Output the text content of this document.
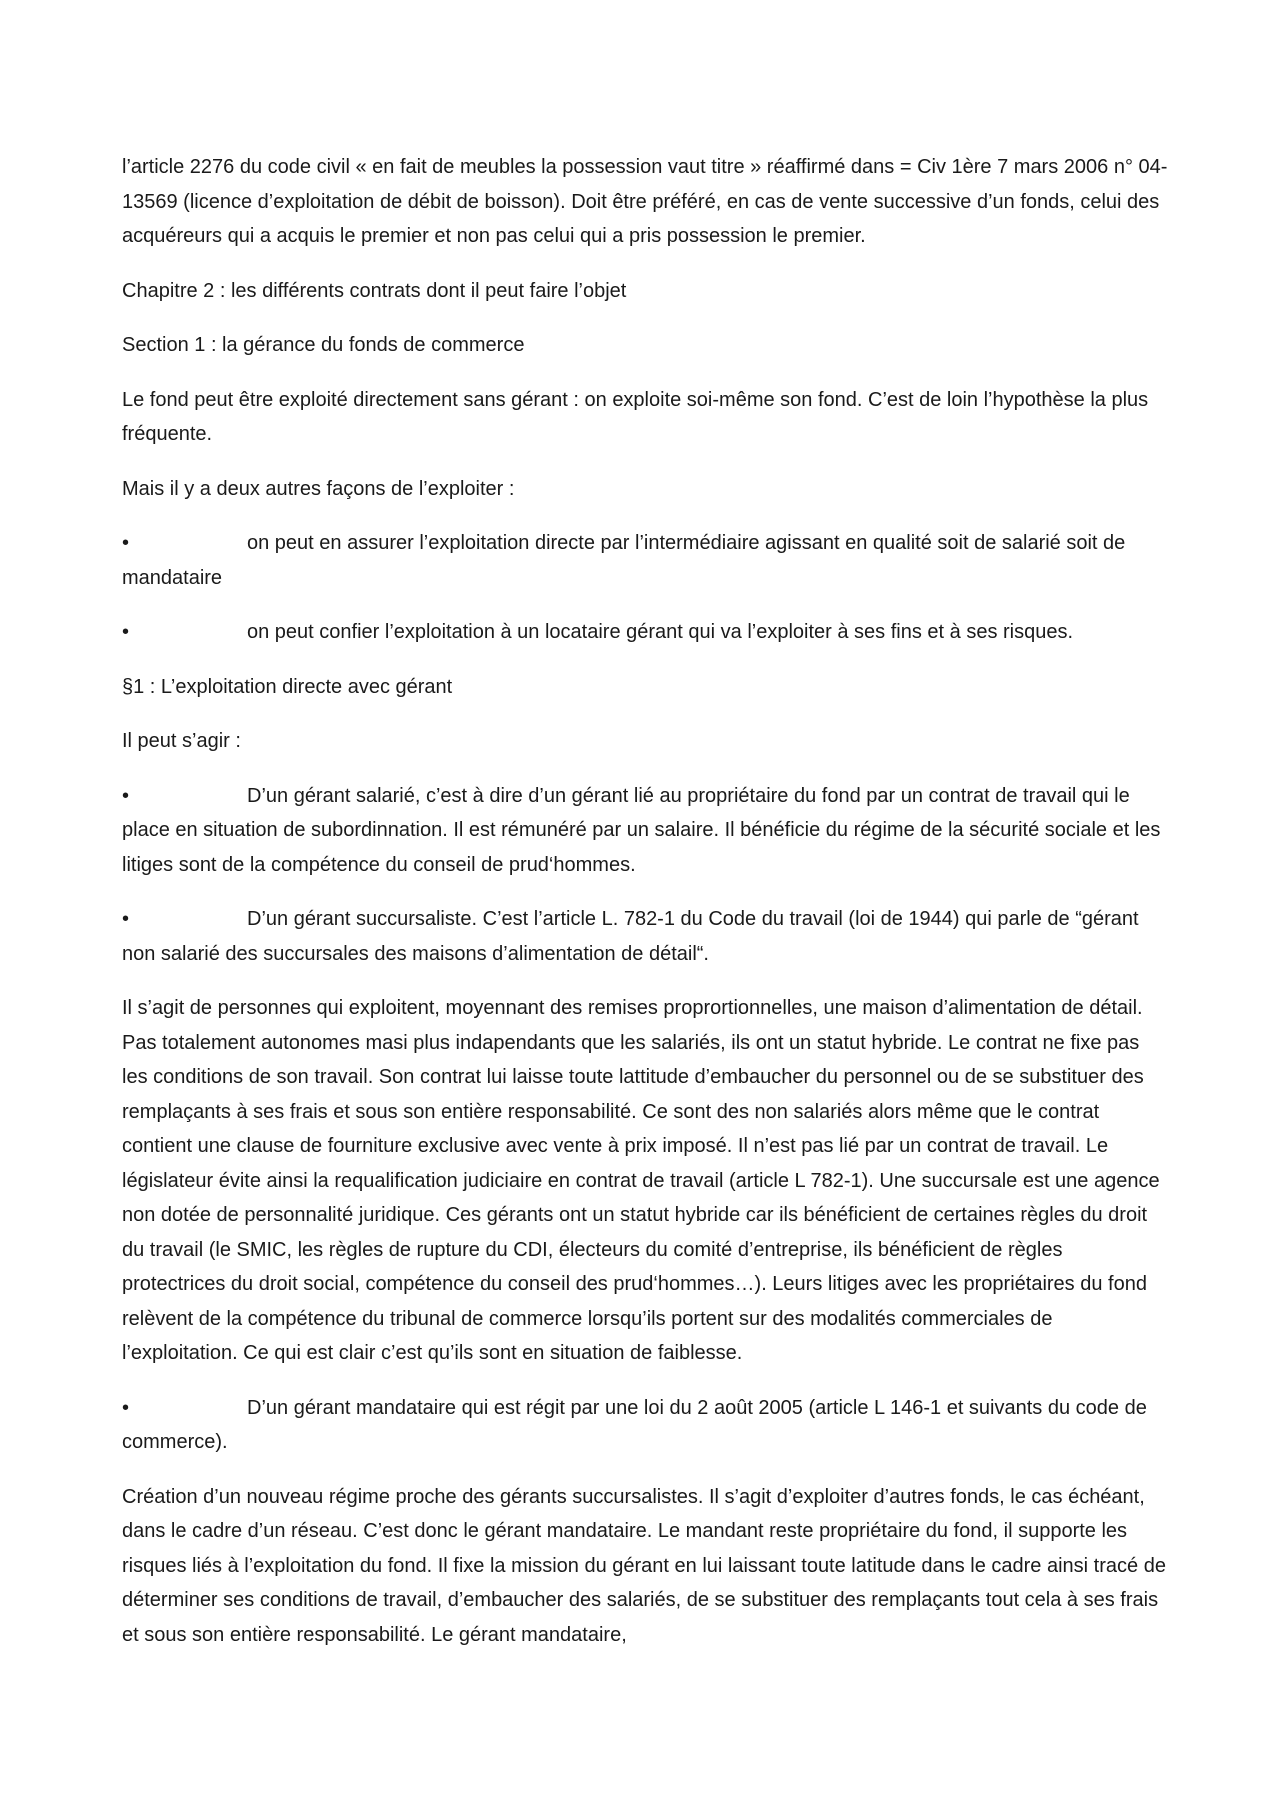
l’article 2276 du code civil « en fait de meubles la possession vaut titre » réaffirmé dans = Civ 1ère 7 mars 2006 n° 04-13569 (licence d’exploitation de débit de boisson). Doit être préféré, en cas de vente successive d’un fonds, celui des acquéreurs qui a acquis le premier et non pas celui qui a pris possession le premier.

Chapitre 2 : les différents contrats dont il peut faire l’objet

Section 1 : la gérance du fonds de commerce

Le fond peut être exploité directement sans gérant : on exploite soi-même son fond. C’est de loin l’hypothèse la plus fréquente.

Mais il y a deux autres façons de l’exploiter :

•	on peut en assurer l’exploitation directe par l’intermédiaire agissant en qualité soit de salarié soit de mandataire

•	on peut confier l’exploitation à un locataire gérant qui va l’exploiter à ses fins et à ses risques.

§1 : L’exploitation directe avec gérant

Il peut s’agir :

•	D’un gérant salarié, c’est à dire d’un gérant lié au propriétaire du fond par un contrat de travail qui le place en situation de subordinnation. Il est rémunéré par un salaire. Il bénéficie du régime de la sécurité sociale et les litiges sont de la compétence du conseil de prud‘hommes.

•	D’un gérant succursaliste. C’est l’article L. 782-1 du Code du travail (loi de 1944) qui parle de “gérant non salarié des succursales des maisons d’alimentation de détail“.

Il s’agit de personnes qui exploitent, moyennant des remises proprortionnelles, une maison d’alimentation de détail. Pas totalement autonomes masi plus indapendants que les salariés, ils ont un statut hybride. Le contrat ne fixe pas les conditions de son travail. Son contrat lui laisse toute lattitude d’embaucher du personnel ou de se substituer des remplaçants à ses frais et sous son entière responsabilité. Ce sont des non salariés alors même que le contrat contient une clause de fourniture exclusive avec vente à prix imposé. Il n’est pas lié par un contrat de travail. Le législateur évite ainsi la requalification judiciaire en contrat de travail (article L 782-1). Une succursale est une agence non dotée de personnalité juridique. Ces gérants ont un statut hybride car ils bénéficient de certaines règles du droit du travail (le SMIC, les règles de rupture du CDI, électeurs du comité d’entreprise, ils bénéficient de règles protectrices du droit social, compétence du conseil des prud‘hommes…). Leurs litiges avec les propriétaires du fond relèvent de la compétence du tribunal de commerce lorsqu’ils portent sur des modalités commerciales de l’exploitation. Ce qui est clair c’est qu’ils sont en situation de faiblesse.

•	D’un gérant mandataire qui est régit par une loi du 2 août 2005 (article L 146-1 et suivants du code de commerce).

Création d’un nouveau régime proche des gérants succursalistes. Il s’agit d’exploiter d’autres fonds, le cas échéant, dans le cadre d’un réseau. C’est donc le gérant mandataire. Le mandant reste propriétaire du fond, il supporte les risques liés à l’exploitation du fond. Il fixe la mission du gérant en lui laissant toute latitude dans le cadre ainsi tracé de déterminer ses conditions de travail, d’embaucher des salariés, de se substituer des remplaçants tout cela à ses frais et sous son entière responsabilité. Le gérant mandataire,
